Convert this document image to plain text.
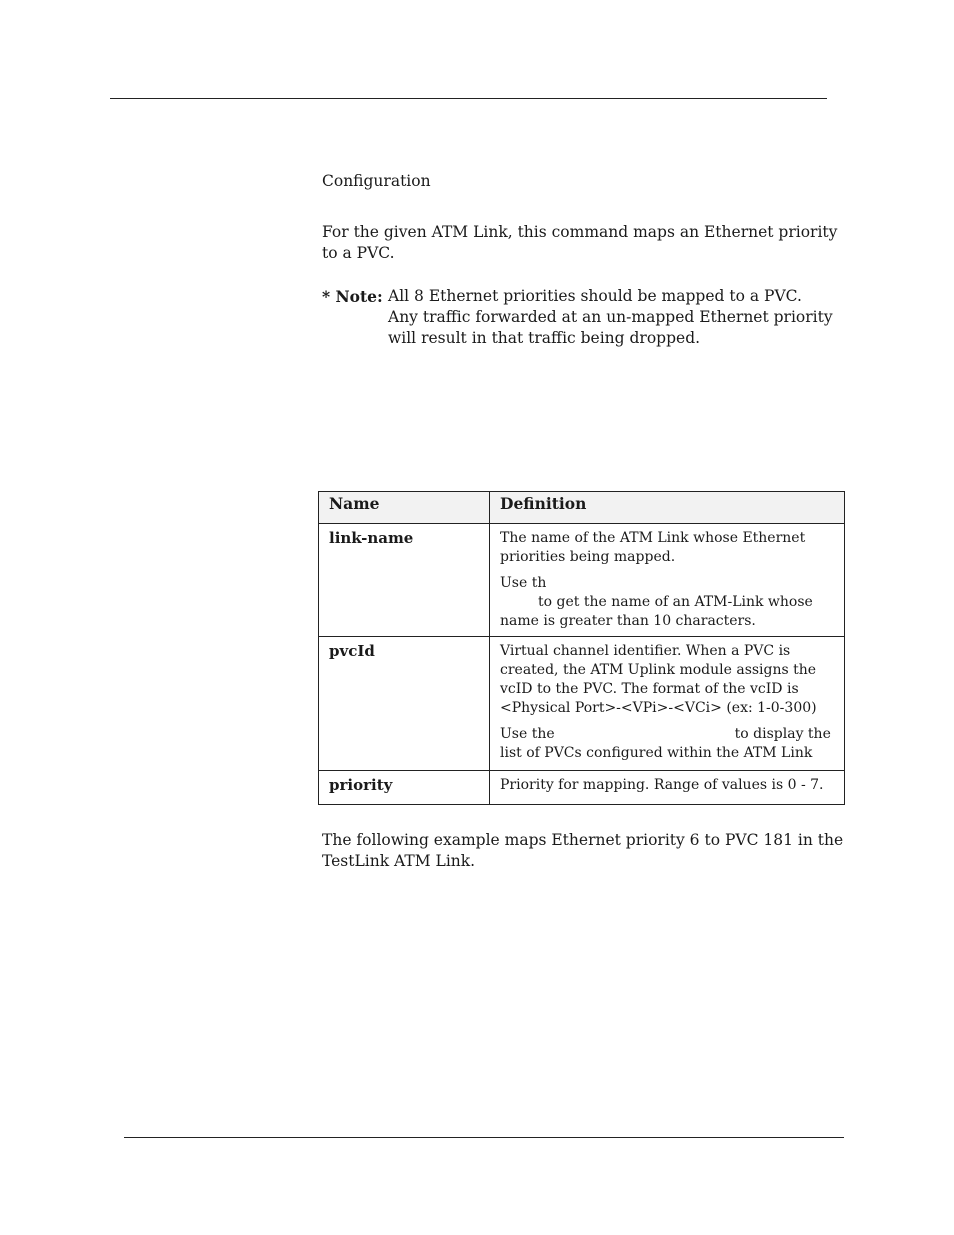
Configuration
For the given ATM Link, this command maps an Ethernet priority to a PVC.
* Note: All 8 Ethernet priorities should be mapped to a PVC.
Any traffic forwarded at an un-mapped Ethernet priority
will result in that traffic being dropped.
Name	Definition
link-name	The name of the ATM Link whose Ethernet priorities being mapped.

Use th
to get the name of an ATM-Link whose name is greater than 10 characters.

pvcId	Virtual channel identifier. When a PVC is created, the ATM Uplink module assigns the vcID to the PVC. The format of the vcID is <Physical Port>-<VPi>-<VCi> (ex: 1-0-300)

Use the to display the list of PVCs configured within the ATM Link

priority	Priority for mapping. Range of values is 0 - 7.

The following example maps Ethernet priority 6 to PVC 181 in the TestLink ATM Link.
